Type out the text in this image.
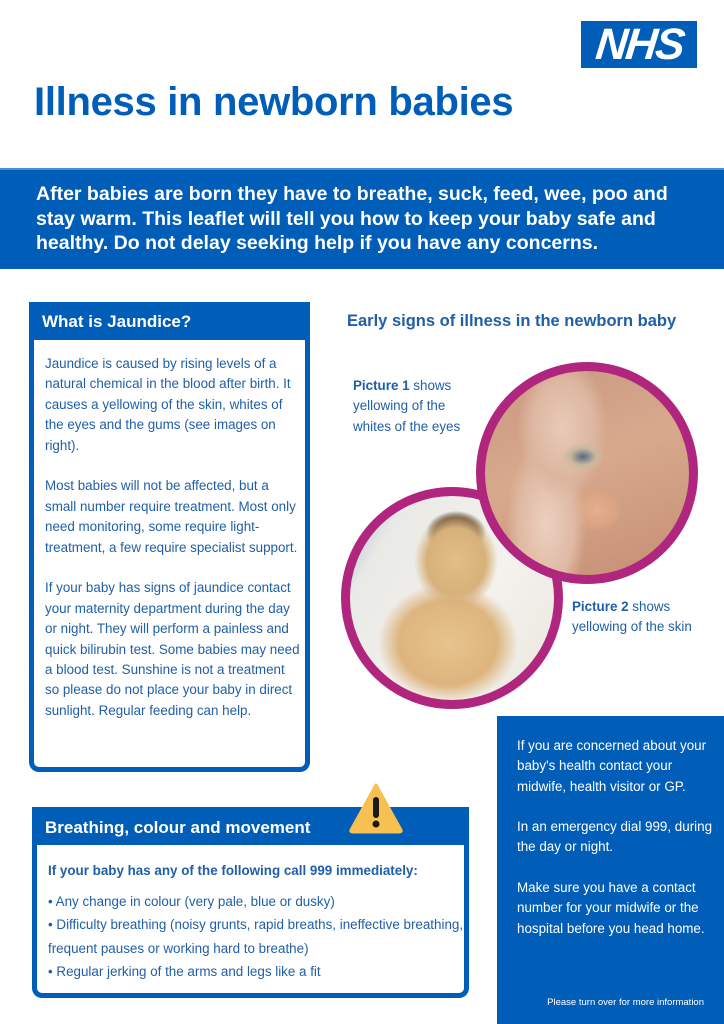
NHS
Illness in newborn babies
After babies are born they have to breathe, suck, feed, wee, poo and stay warm. This leaflet will tell you how to keep your baby safe and healthy. Do not delay seeking help if you have any concerns.
What is Jaundice?

Jaundice is caused by rising levels of a natural chemical in the blood after birth. It causes a yellowing of the skin, whites of the eyes and the gums (see images on right).

Most babies will not be affected, but a small number require treatment. Most only need monitoring, some require light-treatment, a few require specialist support.

If your baby has signs of jaundice contact your maternity department during the day or night. They will perform a painless and quick bilirubin test. Some babies may need a blood test. Sunshine is not a treatment so please do not place your baby in direct sunlight. Regular feeding can help.

Early signs of illness in the newborn baby
Picture 1 shows yellowing of the whites of the eyes
Picture 2 shows yellowing of the skin

If you are concerned about your baby's health contact your midwife, health visitor or GP.

In an emergency dial 999, during the day or night.

Make sure you have a contact number for your midwife or the hospital before you head home.

Please turn over for more information
Breathing, colour and movement
If your baby has any of the following call 999 immediately:
• Any change in colour (very pale, blue or dusky)
• Difficulty breathing (noisy grunts, rapid breaths, ineffective breathing, frequent pauses or working hard to breathe)
• Regular jerking of the arms and legs like a fit
